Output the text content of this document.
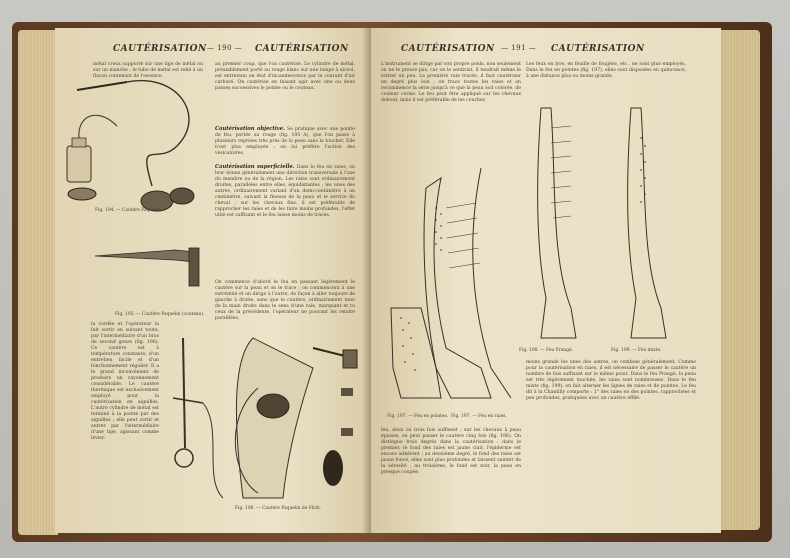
CAUTÉRISATION — 190 — CAUTÉRISATION
métal creux supporté sur une tige de métal ou sur un manche ; le tube de métal est relié à un flacon contenant de l'essence.
Fig. 194. — Cautère Paquelin.
Fig. 195. — Cautère Paquelin (couteau).
au premier coup, que l'on cautérise. Le cylindre de métal, préalablement porté au rouge blanc sur une lampe à alcool, est entretenu en état d'incandescence par le courant d'air carburé. On cautérise en faisant agir avec une ou deux passes successives le pointe ou le couteau.
Cautérisation objective. Se pratique avec une pointe de feu, portée au rouge (fig. 195 A), que l'on passe à plusieurs reprises très près de la peau sans la toucher. Elle n'est plus employée : on lui préfère l'action des vésicatoires.
Cautérisation superficielle. Dans le feu en raies, on leur donne généralement une direction transversale à l'axe du membre ou de la région. Les raies sont ordinairement droites, parallèles entre elles, équidistantes ; les unes des autres, ordinairement variant d'un demi-centimètre à un centimètre, suivant la finesse de la peau et le service du cheval ; sur les chevaux fins, il est préférable de rapprocher les raies et de les faire moins profondes, l'effet utile est suffisant et le feu laisse moins de traces.
On commence d'abord le feu en passant légèrement le cautère sur la peau et on le trace ; on commencera à une extrémité et on dirige à l'autre, de façon à aller toujours de gauche à droite, sans que le cautère, ordinairement tenu de la main droite dans le sens d'une raie, marquant et tu ceux de la précédente, l'opérateur ne pouvant les rendre parallèles.
la cordée et l'opérateur la fait sortir en suivant toute, par l'intermédiaire d'un bras de second genre (fig. 196). Ce cautère est à température constante, d'un entretien facile et d'un fonctionnement régulier. Il a le grand inconvénient de produire un rayonnement considérable. Le cautère thermique est exclusivement employé pour la cautérisation en aiguilles. L'autre cylindre de métal est terminé à la pointe par des aiguilles ; elle peut sortir et entrer par l'intermédiaire d'une tige, agissant comme levier.
Fig. 196. — Cautère Paquelin de Flick.
CAUTÉRISATION — 191 — CAUTÉRISATION
L'instrument se dirige par son propre poids, non seulement on ne le presse pas, car on le sentirait, il tendrait même le retirer un peu. La première raie tracée, il faut cautériser un degré plus loin ; on trace toutes les raies et on recommence la série jusqu'à ce que la peau soit colorée, de couleur cerise. Le feu peut être appliqué sur les chevaux debout, mais il est préférable de les coucher.
Les feux en lyre, en feuille de fougère, etc., ne sont plus employés. Dans le feu en pointes (fig. 197), elles sont disposées en quinconce, à une distance plus ou moins grande.
Fig. 197. — Feu en pointes. Fig. 197. — Feu en raies.
Fig. 198. — Feu Prangé.	Fig. 199. — Feu mixte.
feu, deux ou trois fois suffisent ; sur les chevaux à peau épaisse, on peut passer le cautère cinq fois (fig. 196). On distingue trois degrés dans la cautérisation : dans le premier, le fond des raies est jaune clair, l'épiderme est encore adhérent ; au deuxième degré, le fond des raies est jaune foncé, elles sont plus profondes et laissent suinter de la sérosité ; au troisième, le fond est noir, la peau en presque coupée.
moins grande les unes des autres, on combine généralement. Comme pour la cautérisation en raies, il est nécessaire de passer le cautère un nombre de fois suffisant sur le même point. Dans le feu Prangé, la peau est très légèrement touchée, les raies sont nombreuses. Dans le feu mixte (fig. 199), on fait alterner les lignes de raies et de pointes. Le feu dit à la Chantilly comporte : 1° des raies en des pointes, rapprochées et peu profondes, pratiquées avec un cautère effilé.
